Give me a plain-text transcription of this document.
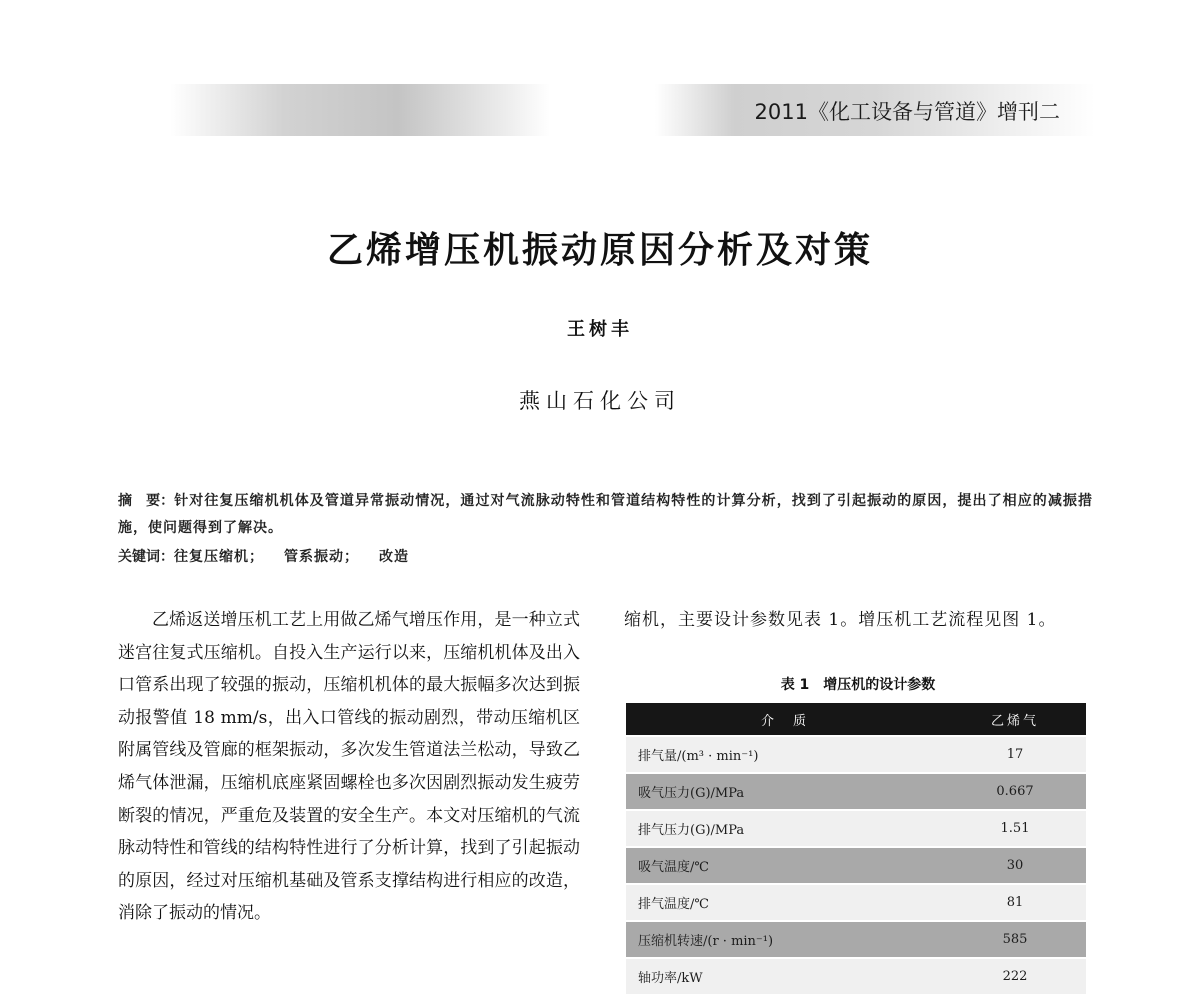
2011《化工设备与管道》增刊二
乙烯增压机振动原因分析及对策
王树丰
燕山石化公司
摘　要：针对往复压缩机机体及管道异常振动情况，通过对气流脉动特性和管道结构特性的计算分析，找到了引起振动的原因，提出了相应的减振措施，使问题得到了解决。
关键词：往复压缩机； 管系振动； 改造

乙烯返送增压机工艺上用做乙烯气增压作用，是一种立式迷宫往复式压缩机。自投入生产运行以来，压缩机机体及出入口管系出现了较强的振动，压缩机机体的最大振幅多次达到振动报警值 18 mm/s，出入口管线的振动剧烈，带动压缩机区附属管线及管廊的框架振动，多次发生管道法兰松动，导致乙烯气体泄漏，压缩机底座紧固螺栓也多次因剧烈振动发生疲劳断裂的情况，严重危及装置的安全生产。本文对压缩机的气流脉动特性和管线的结构特性进行了分析计算，找到了引起振动的原因，经过对压缩机基础及管系支撑结构进行相应的改造，消除了振动的情况。

缩机，主要设计参数见表 1。增压机工艺流程见图 1。
表 1　增压机的设计参数
介　质	乙烯气
排气量/(m³ · min⁻¹)	17
吸气压力(G)/MPa	0.667
排气压力(G)/MPa	1.51
吸气温度/℃	30
排气温度/℃	81
压缩机转速/(r · min⁻¹)	585
轴功率/kW	222
